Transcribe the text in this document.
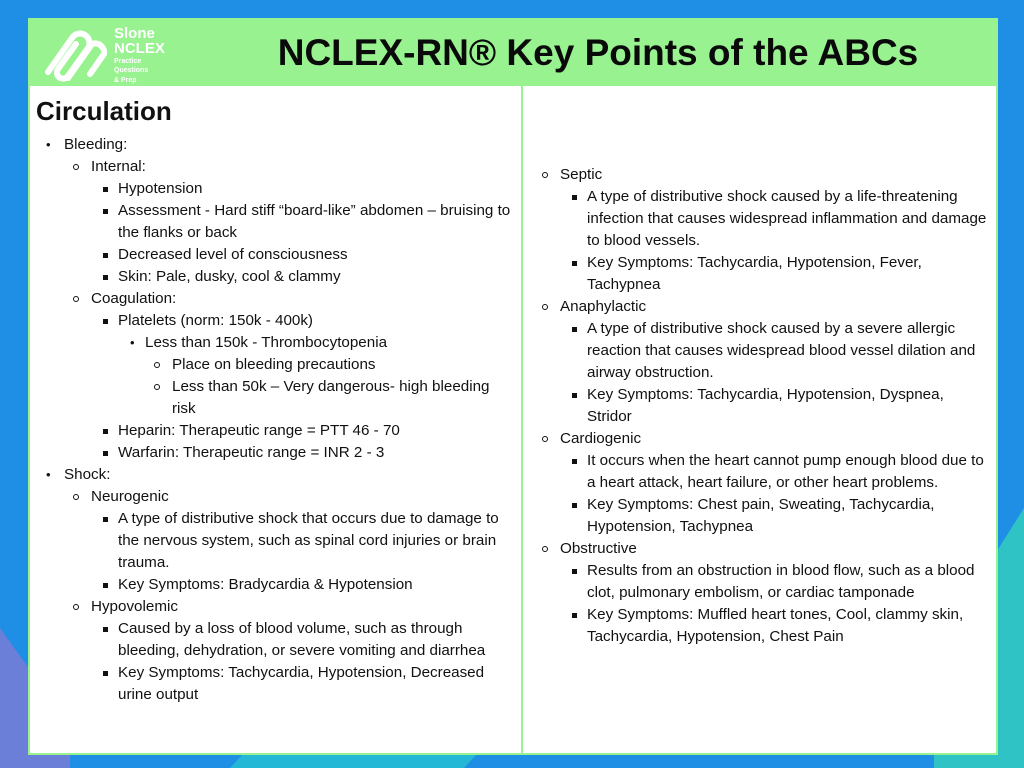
Slone
NCLEX
Practice
Questions
& Prep
NCLEX-RN® Key Points of the ABCs
Circulation
• Bleeding:
Internal:
Hypotension
Assessment - Hard stiff “board-like” abdomen – bruising to the flanks or back
Decreased level of consciousness
Skin: Pale, dusky, cool & clammy
Coagulation:
Platelets (norm: 150k - 400k)
• Less than 150k - Thrombocytopenia
Place on bleeding precautions
Less than 50k – Very dangerous- high bleeding risk
Heparin: Therapeutic range = PTT 46 - 70
Warfarin: Therapeutic range = INR 2 - 3
• Shock:
Neurogenic
A type of distributive shock that occurs due to damage to the nervous system, such as spinal cord injuries or brain trauma.
Key Symptoms: Bradycardia & Hypotension
Hypovolemic
Caused by a loss of blood volume, such as through bleeding, dehydration, or severe vomiting and diarrhea
Key Symptoms: Tachycardia, Hypotension, Decreased urine output
Septic
A type of distributive shock caused by a life-threatening infection that causes widespread inflammation and damage to blood vessels.
Key Symptoms: Tachycardia, Hypotension, Fever, Tachypnea
Anaphylactic
A type of distributive shock caused by a severe allergic reaction that causes widespread blood vessel dilation and airway obstruction.
Key Symptoms: Tachycardia, Hypotension, Dyspnea, Stridor
Cardiogenic
It occurs when the heart cannot pump enough blood due to a heart attack, heart failure, or other heart problems.
Key Symptoms: Chest pain, Sweating, Tachycardia, Hypotension, Tachypnea
Obstructive
Results from an obstruction in blood flow, such as a blood clot, pulmonary embolism, or cardiac tamponade
Key Symptoms: Muffled heart tones, Cool, clammy skin, Tachycardia, Hypotension, Chest Pain
